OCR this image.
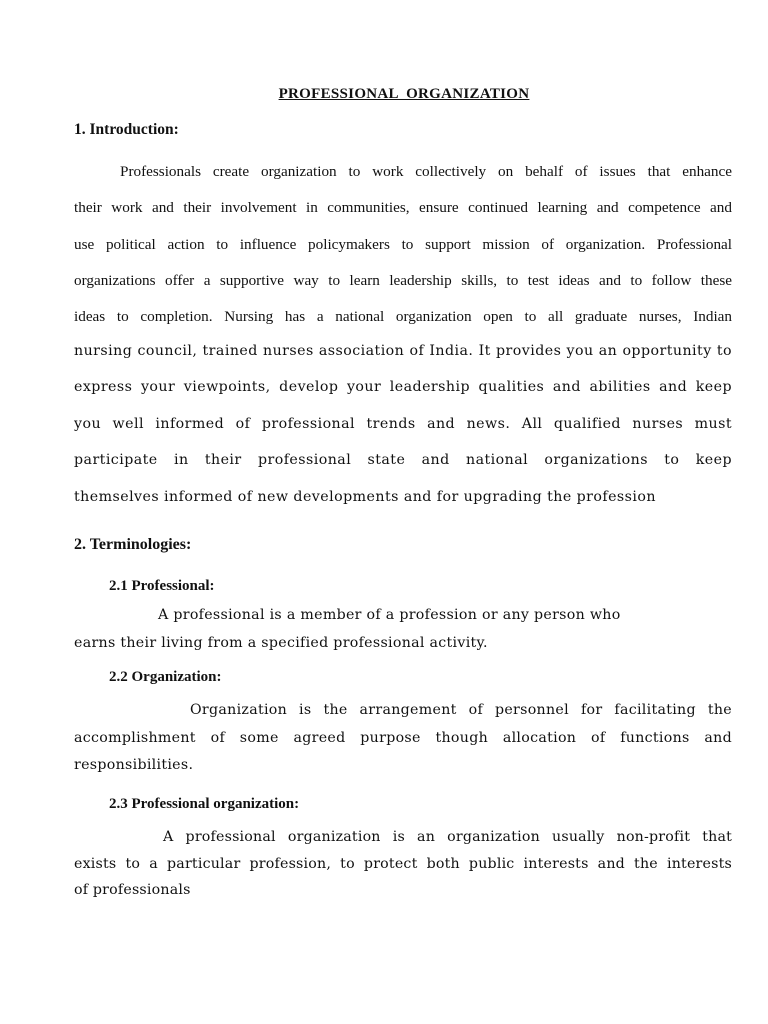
PROFESSIONAL ORGANIZATION
1. Introduction:
Professionals create organization to work collectively on behalf of issues that enhance
their work and their involvement in communities, ensure continued learning and competence and
use political action to influence policymakers to support mission of organization. Professional
organizations offer a supportive way to learn leadership skills, to test ideas and to follow these
ideas to completion. Nursing has a national organization open to all graduate nurses, Indian
nursing council, trained nurses association of India. It provides you an opportunity to
express your viewpoints, develop your leadership qualities and abilities and keep
you well informed of professional trends and news. All qualified nurses must
participate in their professional state and national organizations to keep
themselves informed of new developments and for upgrading the profession
2. Terminologies:
2.1 Professional:
A professional is a member of a profession or any person who
earns their living from a specified professional activity.
2.2 Organization:
Organization is the arrangement of personnel for facilitating the
accomplishment of some agreed purpose though allocation of functions and
responsibilities.
2.3 Professional organization:
A professional organization is an organization usually non-profit that
exists to a particular profession, to protect both public interests and the interests
of professionals
